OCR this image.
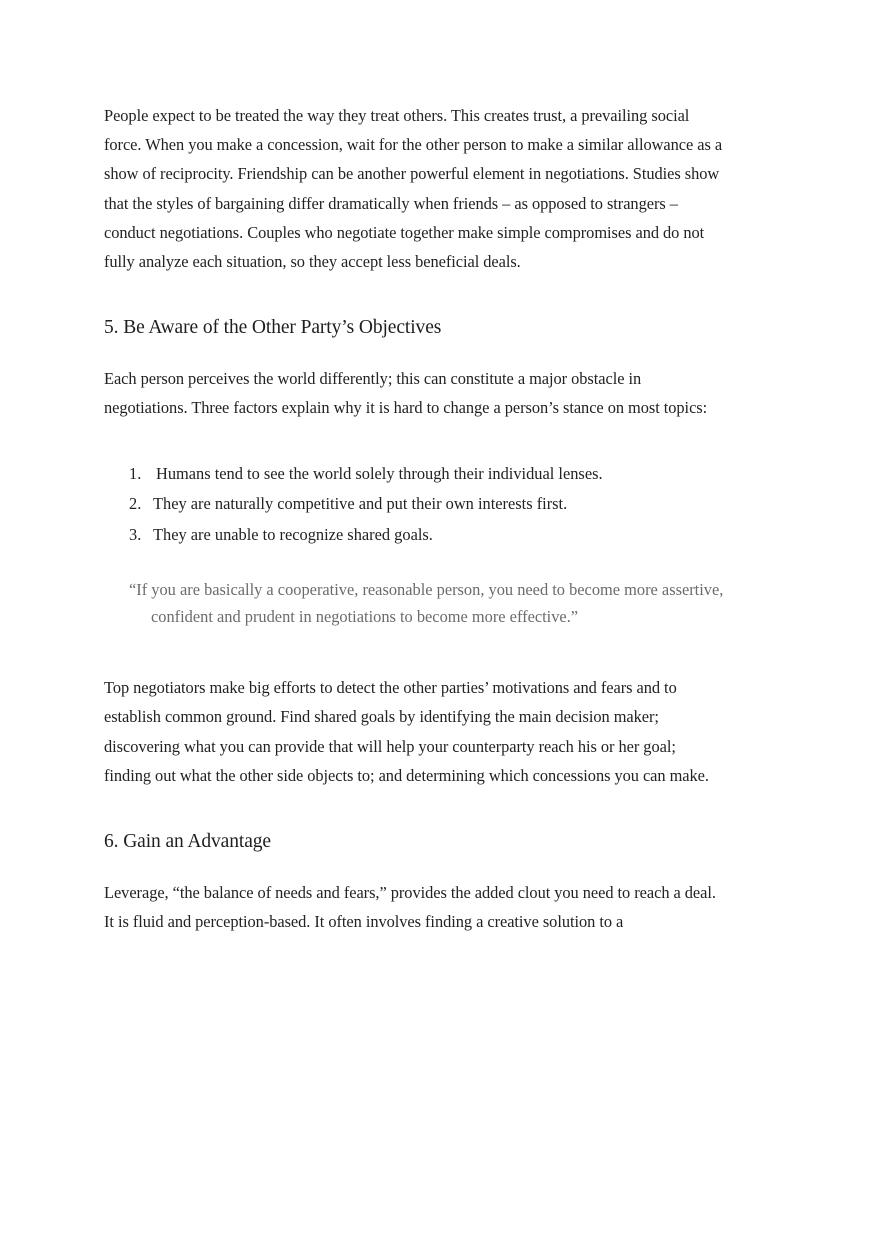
People expect to be treated the way they treat others. This creates trust, a prevailing social force. When you make a concession, wait for the other person to make a similar allowance as a show of reciprocity. Friendship can be another powerful element in negotiations. Studies show that the styles of bargaining differ dramatically when friends – as opposed to strangers – conduct negotiations. Couples who negotiate together make simple compromises and do not fully analyze each situation, so they accept less beneficial deals.

5. Be Aware of the Other Party’s Objectives

Each person perceives the world differently; this can constitute a major obstacle in negotiations. Three factors explain why it is hard to change a person’s stance on most topics:

1. Humans tend to see the world solely through their individual lenses.
2. They are naturally competitive and put their own interests first.
3. They are unable to recognize shared goals.

“If you are basically a cooperative, reasonable person, you need to become more assertive, confident and prudent in negotiations to become more effective.”

Top negotiators make big efforts to detect the other parties’ motivations and fears and to establish common ground. Find shared goals by identifying the main decision maker; discovering what you can provide that will help your counterparty reach his or her goal; finding out what the other side objects to; and determining which concessions you can make.

6. Gain an Advantage

Leverage, “the balance of needs and fears,” provides the added clout you need to reach a deal. It is fluid and perception-based. It often involves finding a creative solution to a
